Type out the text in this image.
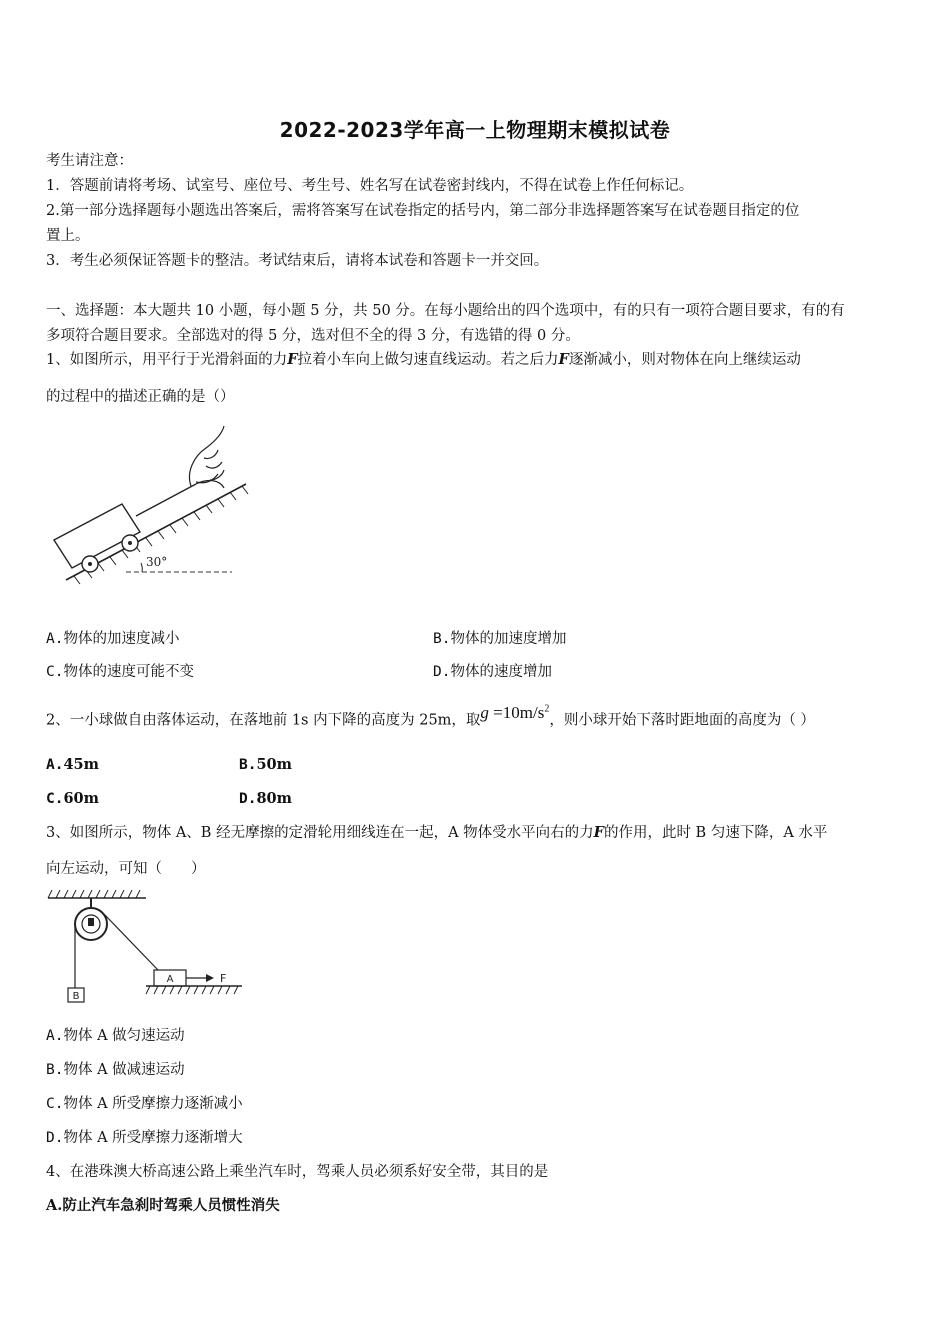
2022-2023学年高一上物理期末模拟试卷
考生请注意：
1．答题前请将考场、试室号、座位号、考生号、姓名写在试卷密封线内，不得在试卷上作任何标记。
2.第一部分选择题每小题选出答案后，需将答案写在试卷指定的括号内，第二部分非选择题答案写在试卷题目指定的位
置上。
3．考生必须保证答题卡的整洁。考试结束后，请将本试卷和答题卡一并交回。
一、选择题：本大题共 10 小题，每小题 5 分，共 50 分。在每小题给出的四个选项中，有的只有一项符合题目要求，有的有
多项符合题目要求。全部选对的得 5 分，选对但不全的得 3 分，有选错的得 0 分。
1、如图所示，用平行于光滑斜面的力F拉着小车向上做匀速直线运动。若之后力F逐渐减小，则对物体在向上继续运动
的过程中的描述正确的是（）
30°
A.物体的加速度减小	B.物体的加速度增加
C.物体的速度可能不变	D.物体的速度增加
2、一小球做自由落体运动，在落地前 1s 内下降的高度为 25m，取$g =10m/s^2$，则小球开始下落时距地面的高度为（ ）
A.45m	B.50m
C.60m	D.80m
3、如图所示，物体 A、B 经无摩擦的定滑轮用细线连在一起，A 物体受水平向右的力F的作用，此时 B 匀速下降，A 水平
向左运动，可知（　　）
B
A	F
A.物体 A 做匀速运动
B.物体 A 做减速运动
C.物体 A 所受摩擦力逐渐减小
D.物体 A 所受摩擦力逐渐增大
4、在港珠澳大桥高速公路上乘坐汽车时，驾乘人员必须系好安全带，其目的是
A.防止汽车急刹时驾乘人员惯性消失
